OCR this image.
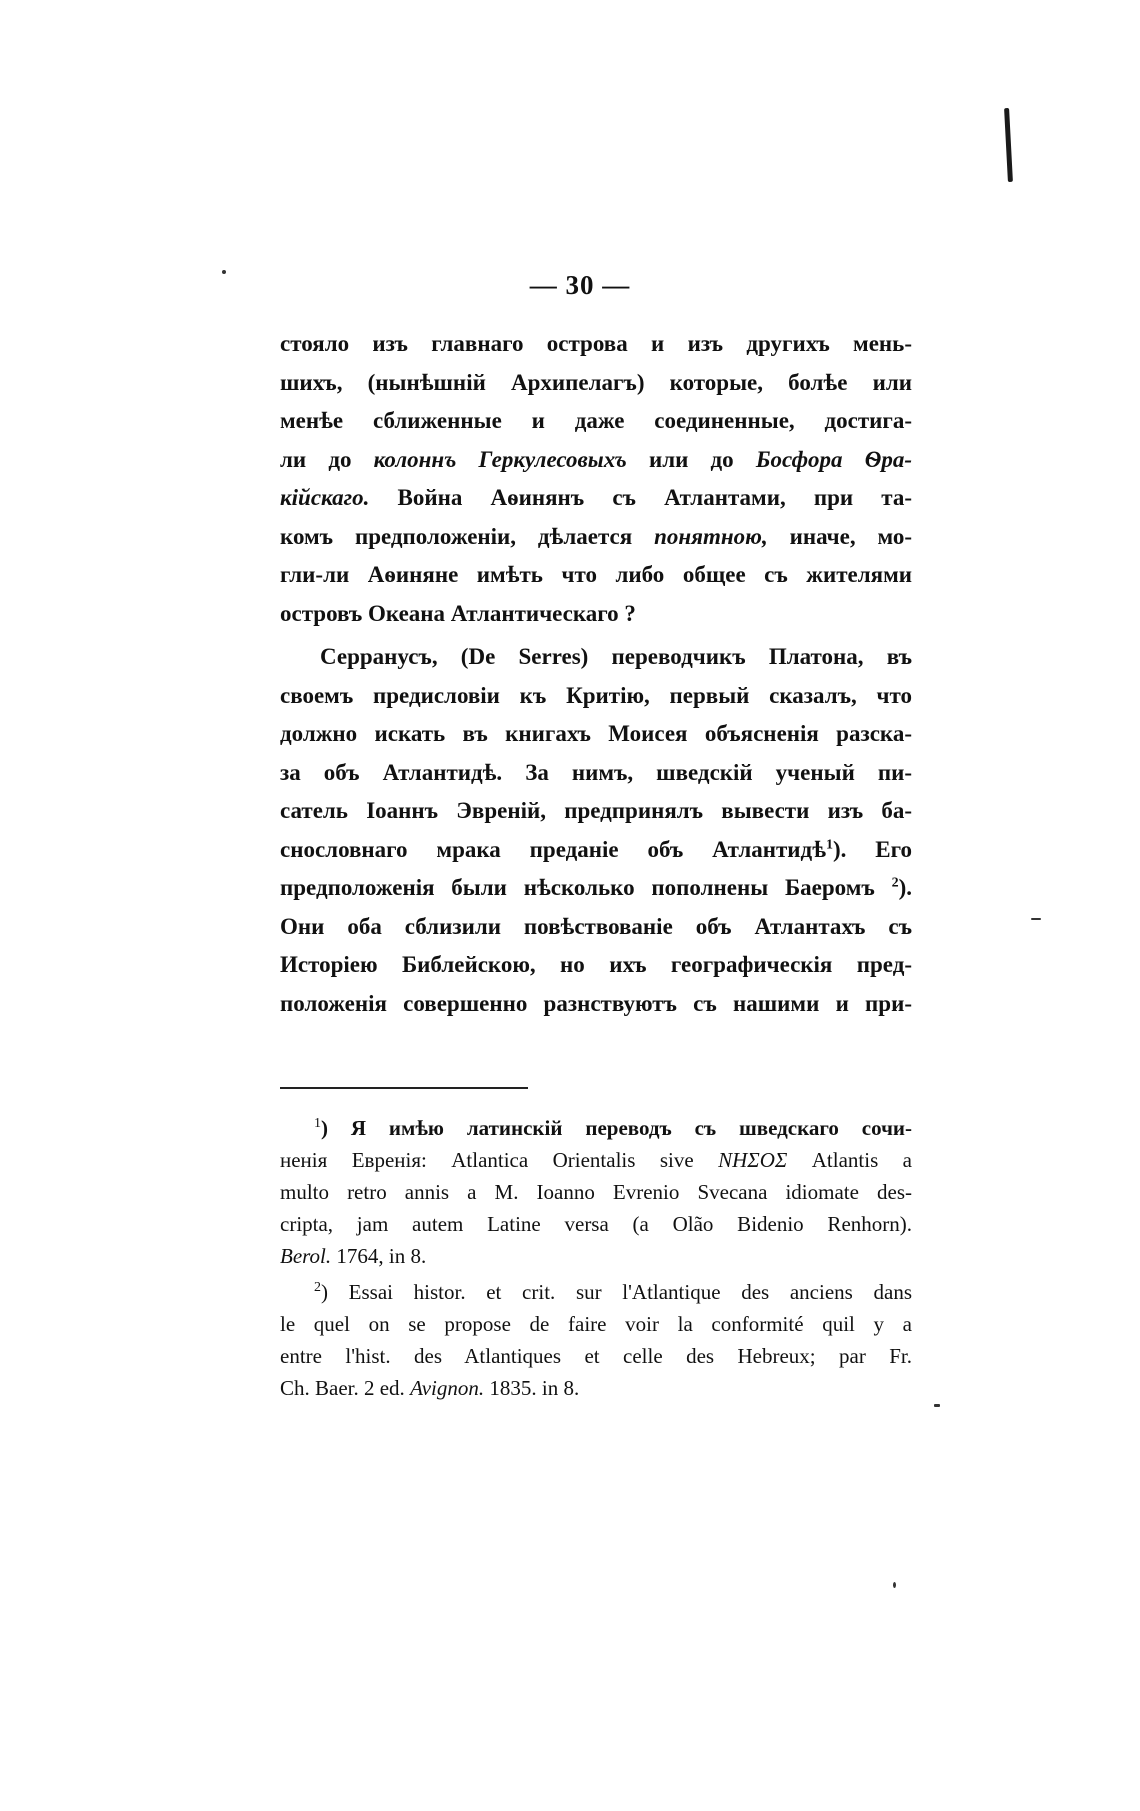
— 30 —
стояло изъ главнаго острова и изъ другихъ мень-
шихъ, (нынѣшній Архипелагъ) которые, болѣе или
менѣе сближенные и даже соединенные, достига-
ли до колоннъ Геркулесовыхъ или до Босфора Ѳра-
кійскаго. Война Аѳинянъ съ Атлантами, при та-
комъ предположеніи, дѣлается понятною, иначе, мо-
гли-ли Аѳиняне имѣть что либо общее съ жителями
островъ Океана Атлантическаго ?
Серранусъ, (De Serres) переводчикъ Платона, въ
своемъ предисловіи къ Критію, первый сказалъ, что
должно искать въ книгахъ Моисея объясненія разска-
за объ Атлантидѣ. За нимъ, шведскій ученый пи-
сатель Іоаннъ Эвреній, предпринялъ вывести изъ ба-
снословнаго мрака преданіе объ Атлантидѣ$^1$). Его
предположенія были нѣсколько пополнены Баеромъ $^2$).
Они оба сблизили повѣствованіе объ Атлантахъ съ
Исторіею Библейскою, но ихъ географическія пред-
положенія совершенно разнствуютъ съ нашими и при-
$^1$) Я имѣю латинскій переводъ съ шведскаго сочи-
ненія Евренія: Atlantica Orientalis sive ΝΗΣΟΣ Atlantis a
multo retro annis a M. Ioanno Evrenio Svecana idiomate des-
cripta, jam autem Latine versa (a Olão Bidenio Renhorn).
Berol. 1764, in 8.
$^2$) Essai histor. et crit. sur l'Atlantique des anciens dans
le quel on se propose de faire voir la conformité quil y a
entre l'hist. des Atlantiques et celle des Hebreux; par Fr.
Ch. Baer. 2 ed. Avignon. 1835. in 8.
